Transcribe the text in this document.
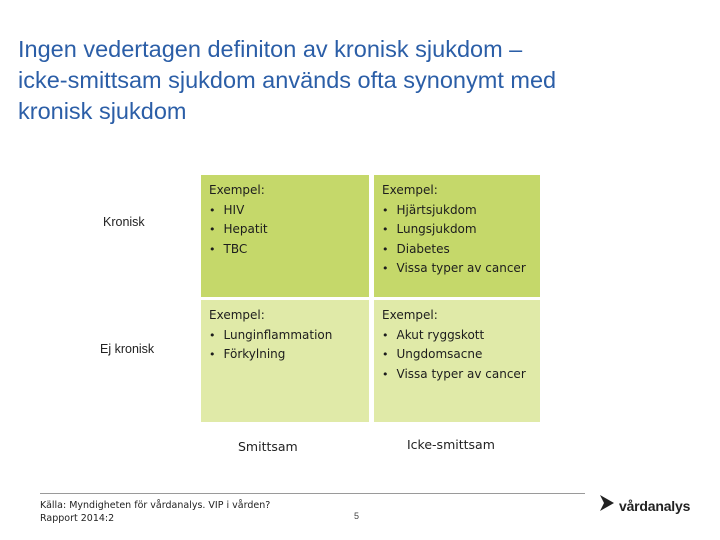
Ingen vedertagen definiton av kronisk sjukdom –
icke-smittsam sjukdom används ofta synonymt med
kronisk sjukdom
Kronisk
Ej kronisk
Exempel:
• HIV
• Hepatit
• TBC
Exempel:
• Hjärtsjukdom
• Lungsjukdom
• Diabetes
• Vissa typer av cancer
Exempel:
• Lunginflammation
• Förkylning
Exempel:
• Akut ryggskott
• Ungdomsacne
• Vissa typer av cancer
Smittsam	Icke-smittsam
Källa: Myndigheten för vårdanalys. VIP i vården?
Rapport 2014:2	5
vårdanalys
